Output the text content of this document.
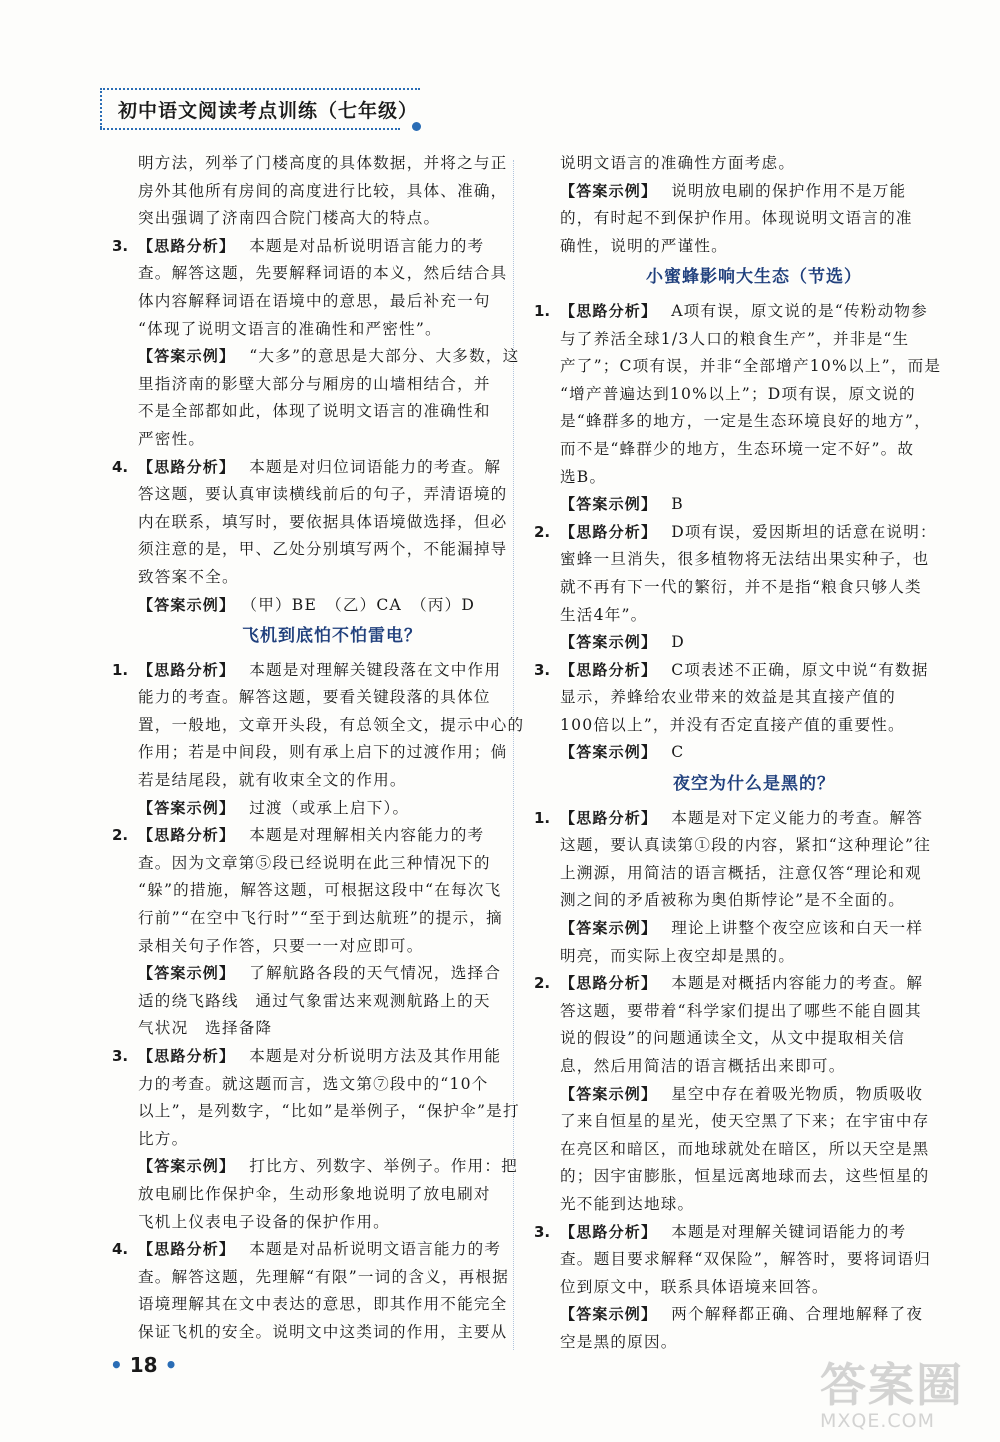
初中语文阅读考点训练（七年级）

明方法，列举了门楼高度的具体数据，并将之与正

房外其他所有房间的高度进行比较，具体、准确，

突出强调了济南四合院门楼高大的特点。

3. 【思路分析】 本题是对品析说明语言能力的考

查。解答这题，先要解释词语的本义，然后结合具

体内容解释词语在语境中的意思，最后补充一句

“体现了说明文语言的准确性和严密性”。

【答案示例】 “大多”的意思是大部分、大多数，这

里指济南的影壁大部分与厢房的山墙相结合，并

不是全部都如此，体现了说明文语言的准确性和

严密性。

4. 【思路分析】 本题是对归位词语能力的考查。解

答这题，要认真审读横线前后的句子，弄清语境的

内在联系，填写时，要依据具体语境做选择，但必

须注意的是，甲、乙处分别填写两个，不能漏掉导

致答案不全。

【答案示例】 （甲）BE　（乙）CA　（丙）D

飞机到底怕不怕雷电？
1. 【思路分析】 本题是对理解关键段落在文中作用

能力的考查。解答这题，要看关键段落的具体位

置，一般地，文章开头段，有总领全文，提示中心的

作用；若是中间段，则有承上启下的过渡作用；倘

若是结尾段，就有收束全文的作用。

【答案示例】 过渡（或承上启下）。

2. 【思路分析】 本题是对理解相关内容能力的考

查。因为文章第⑤段已经说明在此三种情况下的

“躲”的措施，解答这题，可根据这段中“在每次飞

行前”“在空中飞行时”“至于到达航班”的提示，摘

录相关句子作答，只要一一对应即可。

【答案示例】 了解航路各段的天气情况，选择合

适的绕飞路线　通过气象雷达来观测航路上的天

气状况　选择备降

3. 【思路分析】 本题是对分析说明方法及其作用能

力的考查。就这题而言，选文第⑦段中的“10个

以上”，是列数字，“比如”是举例子，“保护伞”是打

比方。

【答案示例】 打比方、列数字、举例子。作用：把

放电刷比作保护伞，生动形象地说明了放电刷对

飞机上仪表电子设备的保护作用。

4. 【思路分析】 本题是对品析说明文语言能力的考

查。解答这题，先理解“有限”一词的含义，再根据

语境理解其在文中表达的意思，即其作用不能完全

保证飞机的安全。说明文中这类词的作用，主要从

说明文语言的准确性方面考虑。

【答案示例】 说明放电刷的保护作用不是万能

的，有时起不到保护作用。体现说明文语言的准

确性，说明的严谨性。

小蜜蜂影响大生态（节选）
1. 【思路分析】 A项有误，原文说的是“传粉动物参

与了养活全球1/3人口的粮食生产”，并非是“生

产了”；C项有误，并非“全部增产10%以上”，而是

“增产普遍达到10%以上”；D项有误，原文说的

是“蜂群多的地方，一定是生态环境良好的地方”，

而不是“蜂群少的地方，生态环境一定不好”。故

选B。

【答案示例】 B

2. 【思路分析】 D项有误，爱因斯坦的话意在说明：

蜜蜂一旦消失，很多植物将无法结出果实种子，也

就不再有下一代的繁衍，并不是指“粮食只够人类

生活4年”。

【答案示例】 D

3. 【思路分析】 C项表述不正确，原文中说“有数据

显示，养蜂给农业带来的效益是其直接产值的

100倍以上”，并没有否定直接产值的重要性。

【答案示例】 C

夜空为什么是黑的？
1. 【思路分析】 本题是对下定义能力的考查。解答

这题，要认真读第①段的内容，紧扣“这种理论”往

上溯源，用简洁的语言概括，注意仅答“理论和观

测之间的矛盾被称为奥伯斯悖论”是不全面的。

【答案示例】 理论上讲整个夜空应该和白天一样

明亮，而实际上夜空却是黑的。

2. 【思路分析】 本题是对概括内容能力的考查。解

答这题，要带着“科学家们提出了哪些不能自圆其

说的假设”的问题通读全文，从文中提取相关信

息，然后用简洁的语言概括出来即可。

【答案示例】 星空中存在着吸光物质，物质吸收

了来自恒星的星光，使天空黑了下来；在宇宙中存

在亮区和暗区，而地球就处在暗区，所以天空是黑

的；因宇宙膨胀，恒星远离地球而去，这些恒星的

光不能到达地球。

3. 【思路分析】 本题是对理解关键词语能力的考

查。题目要求解释“双保险”，解答时，要将词语归

位到原文中，联系具体语境来回答。

【答案示例】 两个解释都正确、合理地解释了夜

空是黑的原因。

• 18 •	答案圈
MXQE.COM
